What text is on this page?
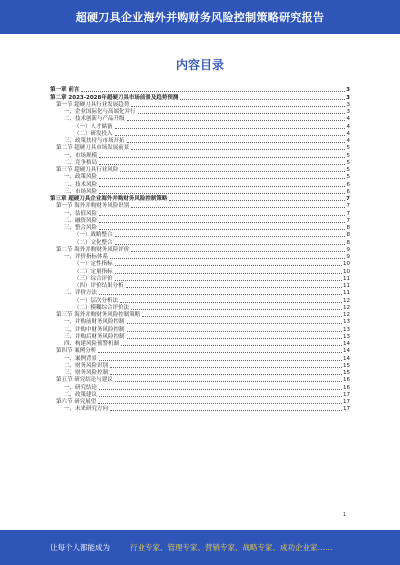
超硬刀具企业海外并购财务风险控制策略研究报告
内容目录
第一章 前言	3
第二章 2023-2028年超硬刀具市场前景及趋势预测	3
第一节 超硬刀具行业发展趋势	3
一、企业国际化与高端化并行	3
二、技术创新与产品升级	4
（一）人才储备	4
（二）研发投入	4
三、政策扶持与市场开拓	4
第二节 超硬刀具市场发展前景	5
一、市场规模	5
二、竞争格局	5
第三节 超硬刀具行业风险	5
一、政策风险	5
二、技术风险	6
三、市场风险	6
第三章 超硬刀具企业海外并购财务风险控制策略	7
第一节 海外并购财务风险识别	7
一、估值风险	7
二、融资风险	7
三、整合风险	8
（一）战略整合	8
（二）文化整合	8
第二节 海外并购财务风险评价	9
一、评价指标体系	9
（一）定性指标	10
（二）定量指标	10
（三）综合评价	11
（四）评价结果分析	11
二、评价方法	11
（一）层次分析法	12
（二）模糊综合评价法	12
第三节 海外并购财务风险控制策略	12
一、并购前财务风险控制	13
二、并购中财务风险控制	13
三、并购后财务风险控制	13
四、构建风险预警机制	14
第四节 案例分析	14
一、案例背景	14
二、财务风险识别	15
三、财务风险控制	15
第五节 研究结论与建议	16
一、研究结论	16
二、政策建议	17
第六节 研究展望	17
一、未来研究方向	17
1
让每个人都能成为	行业专家、管理专家、营销专家、战略专家、成功企业家……
